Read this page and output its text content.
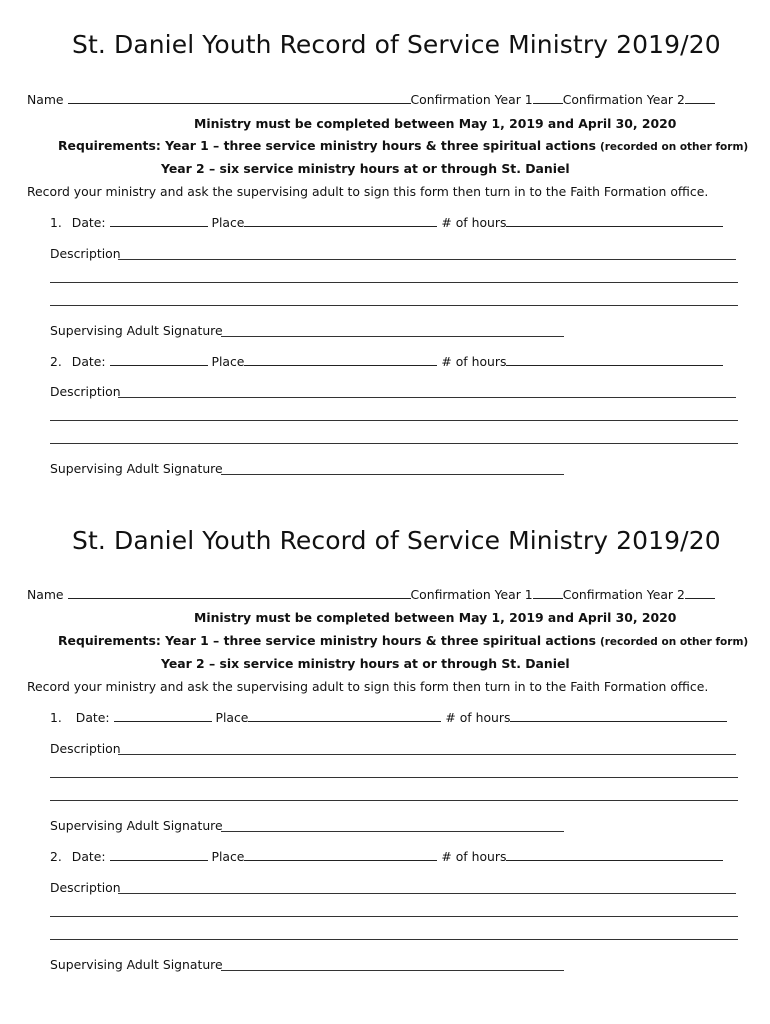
St. Daniel Youth Record of Service Ministry 2019/20
Name	Confirmation Year 1 Confirmation Year 2
Ministry must be completed between May 1, 2019 and April 30, 2020
Requirements: Year 1 – three service ministry hours & three spiritual actions (recorded on other form)
Year 2 – six service ministry hours at or through St. Daniel
Record your ministry and ask the supervising adult to sign this form then turn in to the Faith Formation office.
1. Date:	Place	# of hours
Description
Supervising Adult Signature
2. Date:	Place	# of hours
Description
Supervising Adult Signature
St. Daniel Youth Record of Service Ministry 2019/20
Name	Confirmation Year 1 Confirmation Year 2
Ministry must be completed between May 1, 2019 and April 30, 2020
Requirements: Year 1 – three service ministry hours & three spiritual actions (recorded on other form)
Year 2 – six service ministry hours at or through St. Daniel
Record your ministry and ask the supervising adult to sign this form then turn in to the Faith Formation office.
1. Date:	Place	# of hours
Description
Supervising Adult Signature
2. Date:	Place	# of hours
Description
Supervising Adult Signature
